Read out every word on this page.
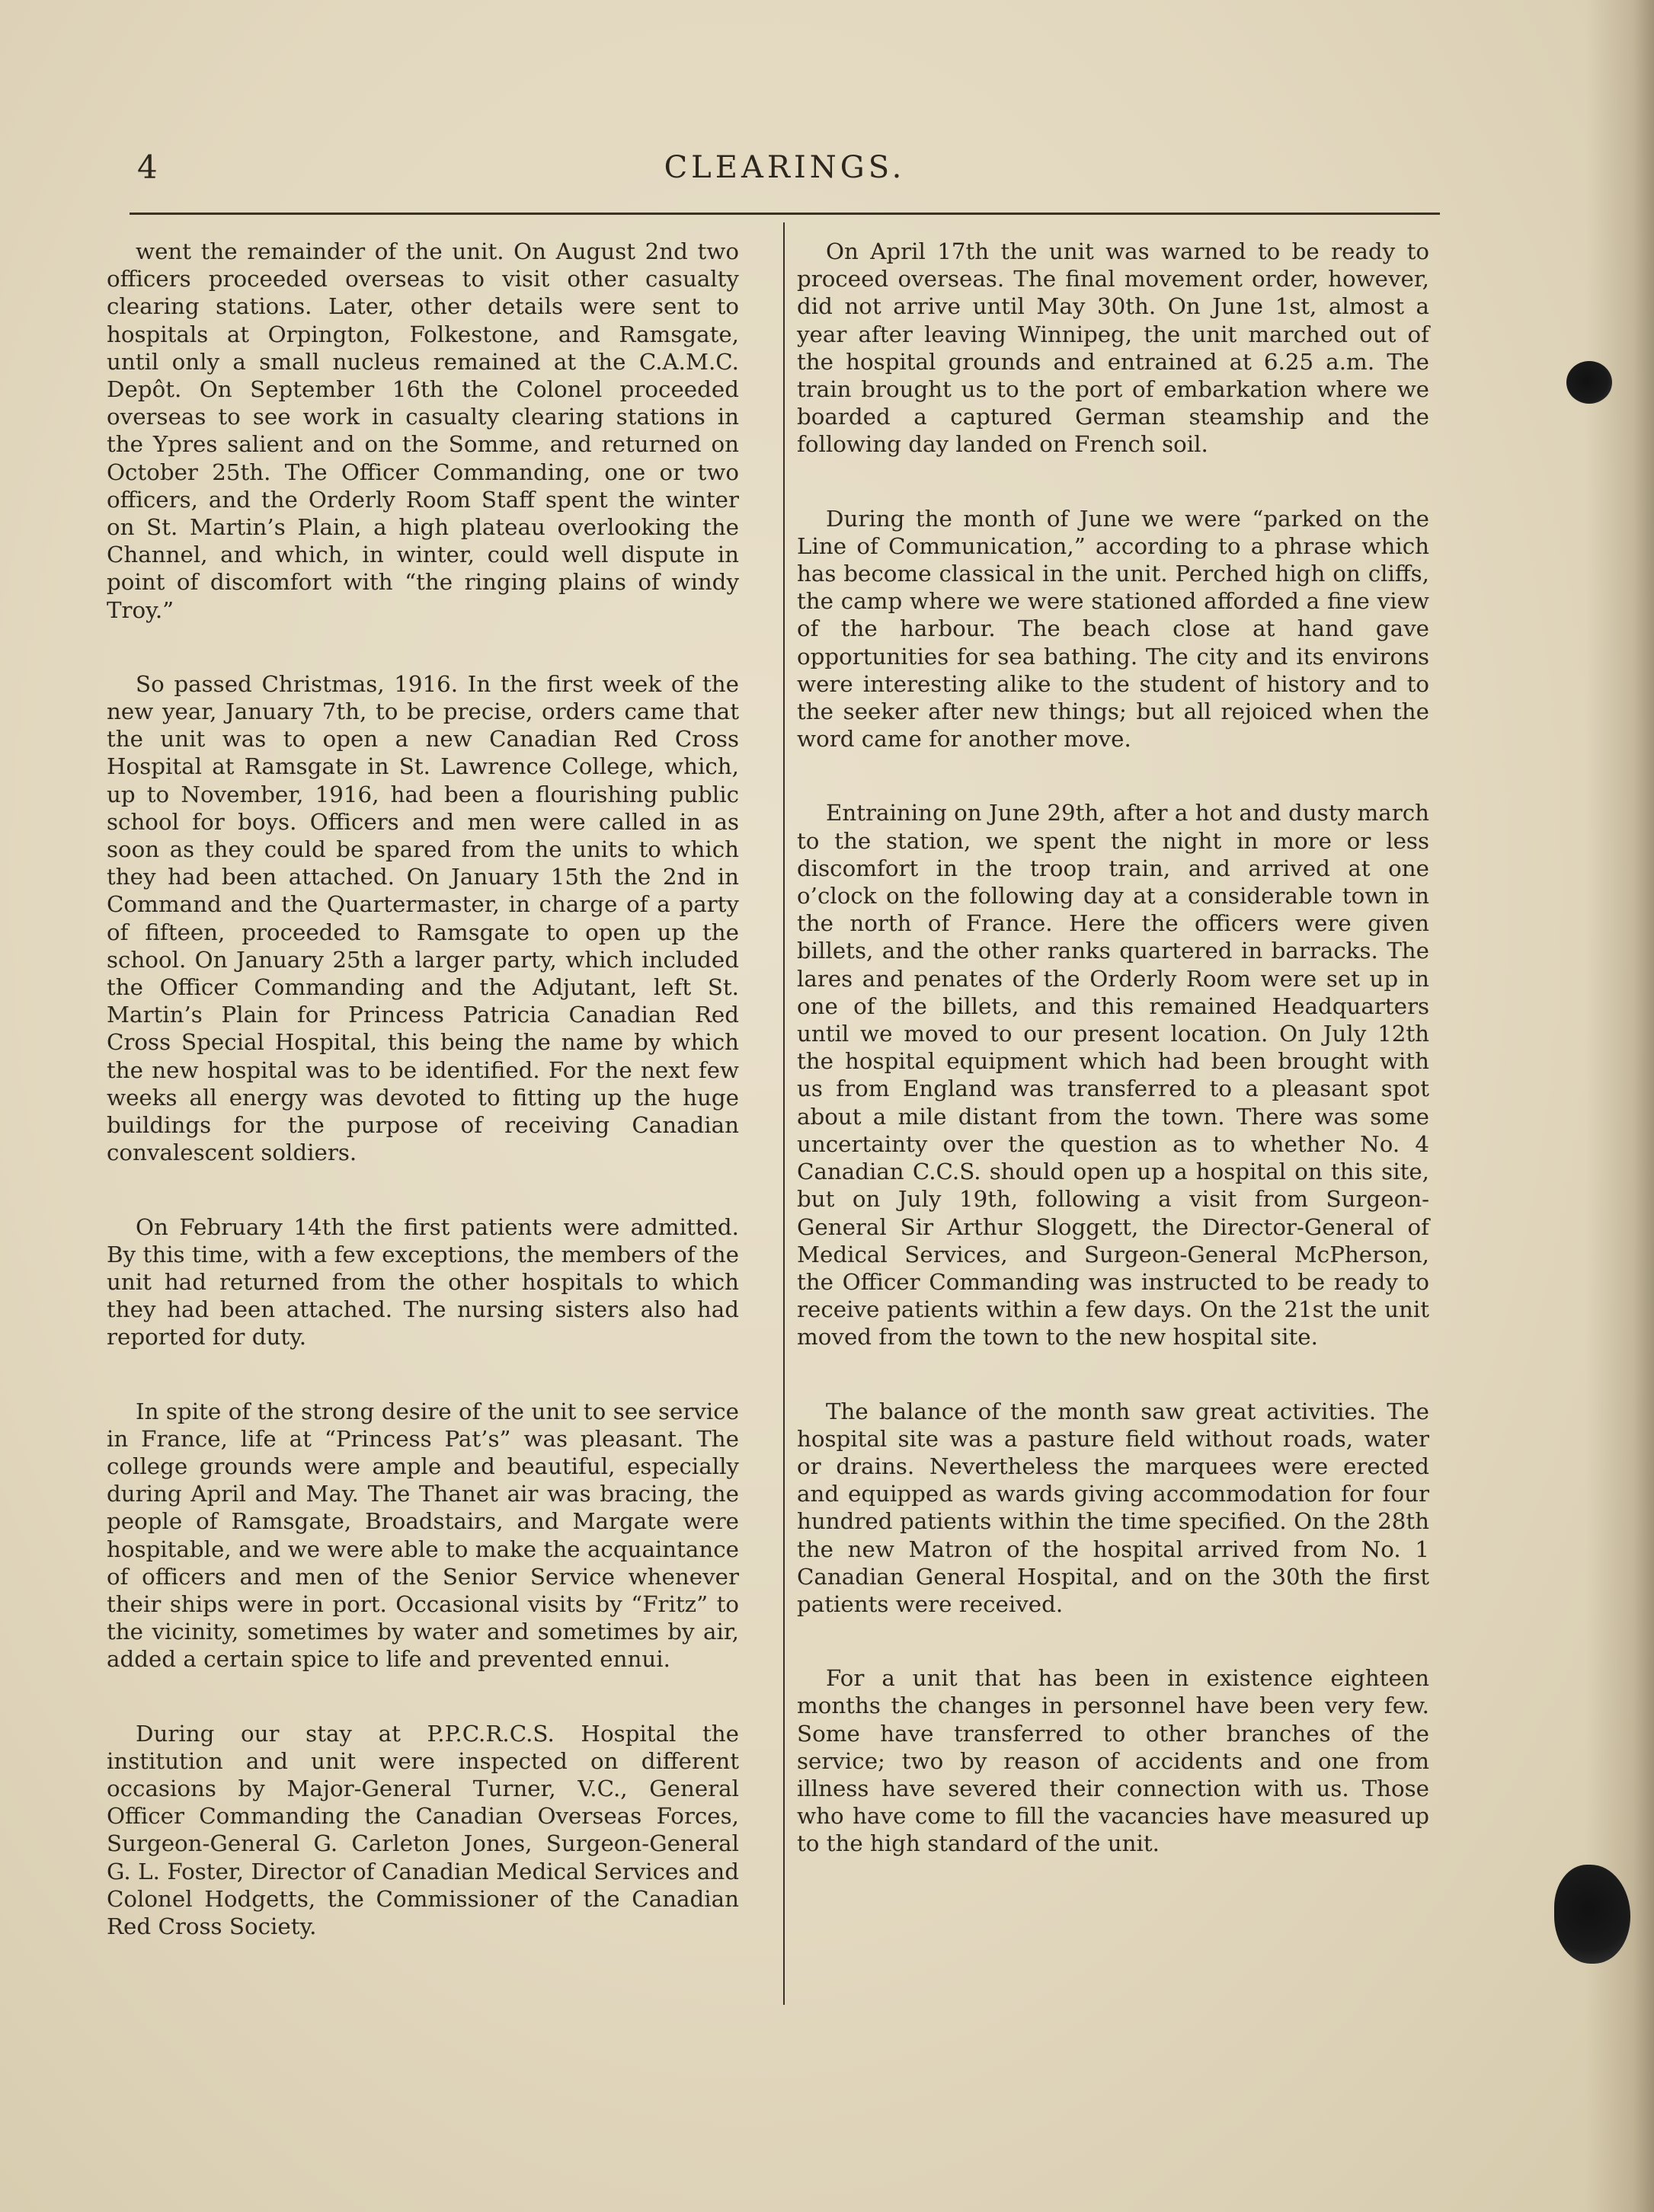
4	CLEARINGS.

went the remainder of the unit. On August 2nd two officers proceeded overseas to visit other casualty clearing stations. Later, other details were sent to hospitals at Orpington, Folkestone, and Ramsgate, until only a small nucleus remained at the C.A.M.C. Depôt. On September 16th the Colonel proceeded overseas to see work in casualty clearing stations in the Ypres salient and on the Somme, and returned on October 25th. The Officer Commanding, one or two officers, and the Orderly Room Staff spent the winter on St. Martin’s Plain, a high plateau overlooking the Channel, and which, in winter, could well dispute in point of discomfort with “the ringing plains of windy Troy.”

So passed Christmas, 1916. In the first week of the new year, January 7th, to be precise, orders came that the unit was to open a new Canadian Red Cross Hospital at Ramsgate in St. Lawrence College, which, up to November, 1916, had been a flourishing public school for boys. Officers and men were called in as soon as they could be spared from the units to which they had been attached. On January 15th the 2nd in Command and the Quartermaster, in charge of a party of fifteen, proceeded to Ramsgate to open up the school. On January 25th a larger party, which included the Officer Commanding and the Adjutant, left St. Martin’s Plain for Princess Patricia Canadian Red Cross Special Hospital, this being the name by which the new hospital was to be identified. For the next few weeks all energy was devoted to fitting up the huge buildings for the purpose of receiving Canadian convalescent soldiers.

On February 14th the first patients were admitted. By this time, with a few exceptions, the members of the unit had returned from the other hospitals to which they had been attached. The nursing sisters also had reported for duty.

In spite of the strong desire of the unit to see service in France, life at “Princess Pat’s” was pleasant. The college grounds were ample and beautiful, especially during April and May. The Thanet air was bracing, the people of Ramsgate, Broadstairs, and Margate were hospitable, and we were able to make the acquaintance of officers and men of the Senior Service whenever their ships were in port. Occasional visits by “Fritz” to the vicinity, sometimes by water and sometimes by air, added a certain spice to life and prevented ennui.

During our stay at P.P.C.R.C.S. Hospital the institution and unit were inspected on different occasions by Major-General Turner, V.C., General Officer Commanding the Canadian Overseas Forces, Surgeon-General G. Carleton Jones, Surgeon-General G. L. Foster, Director of Canadian Medical Services and Colonel Hodgetts, the Commissioner of the Canadian Red Cross Society.

On April 17th the unit was warned to be ready to proceed overseas. The final movement order, however, did not arrive until May 30th. On June 1st, almost a year after leaving Winnipeg, the unit marched out of the hospital grounds and entrained at 6.25 a.m. The train brought us to the port of embarkation where we boarded a captured German steamship and the following day landed on French soil.

During the month of June we were “parked on the Line of Communication,” according to a phrase which has become classical in the unit. Perched high on cliffs, the camp where we were stationed afforded a fine view of the harbour. The beach close at hand gave opportunities for sea bathing. The city and its environs were interesting alike to the student of history and to the seeker after new things; but all rejoiced when the word came for another move.

Entraining on June 29th, after a hot and dusty march to the station, we spent the night in more or less discomfort in the troop train, and arrived at one o’clock on the following day at a considerable town in the north of France. Here the officers were given billets, and the other ranks quartered in barracks. The lares and penates of the Orderly Room were set up in one of the billets, and this remained Headquarters until we moved to our present location. On July 12th the hospital equipment which had been brought with us from England was transferred to a pleasant spot about a mile distant from the town. There was some uncertainty over the question as to whether No. 4 Canadian C.C.S. should open up a hospital on this site, but on July 19th, following a visit from Surgeon-General Sir Arthur Sloggett, the Director-General of Medical Services, and Surgeon-General McPherson, the Officer Commanding was instructed to be ready to receive patients within a few days. On the 21st the unit moved from the town to the new hospital site.

The balance of the month saw great activities. The hospital site was a pasture field without roads, water or drains. Nevertheless the marquees were erected and equipped as wards giving accommodation for four hundred patients within the time specified. On the 28th the new Matron of the hospital arrived from No. 1 Canadian General Hospital, and on the 30th the first patients were received.

For a unit that has been in existence eighteen months the changes in personnel have been very few. Some have transferred to other branches of the service; two by reason of accidents and one from illness have severed their connection with us. Those who have come to fill the vacancies have measured up to the high standard of the unit.
